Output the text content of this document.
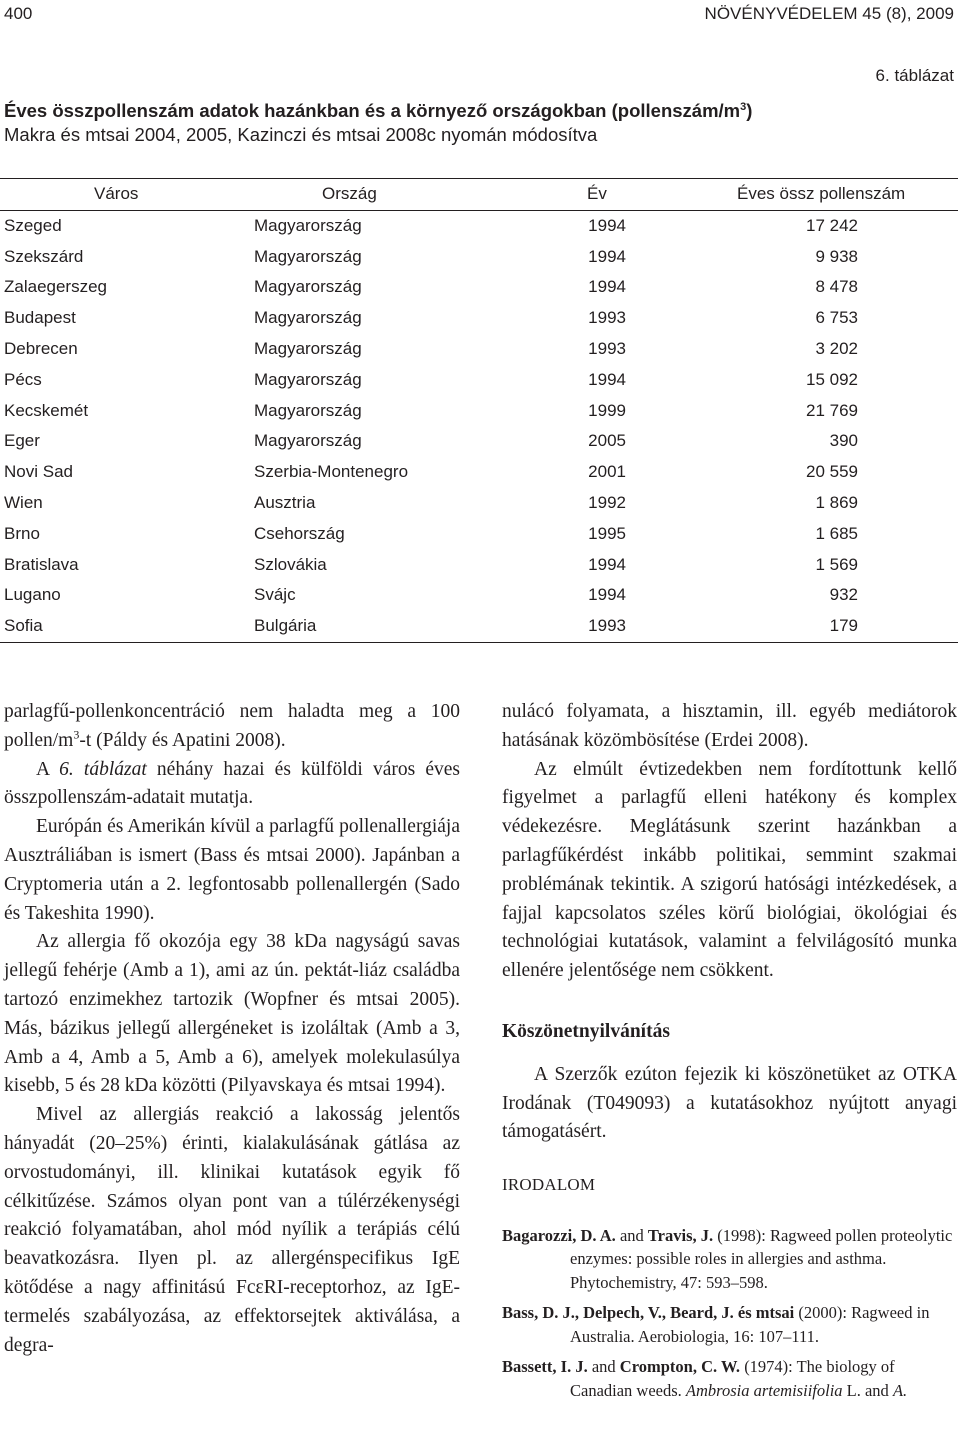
400	NÖVÉNYVÉDELEM 45 (8), 2009
6. táblázat
Éves összpollenszám adatok hazánkban és a környező országokban $(pollenszám/m^3)$
Makra és mtsai 2004, 2005, Kazinczi és mtsai 2008c nyomán módosítva
Város	Ország	Év	Éves össz pollenszám
Szeged	Magyarország	1994	17 242
Szekszárd	Magyarország	1994	9 938
Zalaegerszeg	Magyarország	1994	8 478
Budapest	Magyarország	1993	6 753
Debrecen	Magyarország	1993	3 202
Pécs	Magyarország	1994	15 092
Kecskemét	Magyarország	1999	21 769
Eger	Magyarország	2005	390
Novi Sad	Szerbia-Montenegro	2001	20 559
Wien	Ausztria	1992	1 869
Brno	Csehország	1995	1 685
Bratislava	Szlovákia	1994	1 569
Lugano	Svájc	1994	932
Sofia	Bulgária	1993	179

parlagfű-pollenkoncentráció nem haladta meg a 100 pollen/$m^3-t$ (Páldy és Apatini 2008).

A 6. táblázat néhány hazai és külföldi város éves összpollenszám-adatait mutatja.

Európán és Amerikán kívül a parlagfű pollenallergiája Ausztráliában is ismert (Bass és mtsai 2000). Japánban a Cryptomeria után a 2. legfontosabb pollenallergén (Sado és Takeshita 1990).

Az allergia fő okozója egy 38 kDa nagyságú savas jellegű fehérje (Amb a 1), ami az ún. pektát-liáz családba tartozó enzimekhez tartozik (Wopfner és mtsai 2005). Más, bázikus jellegű allergéneket is izoláltak (Amb a 3, Amb a 4, Amb a 5, Amb a 6), amelyek molekulasúlya kisebb, 5 és 28 kDa közötti (Pilyavskaya és mtsai 1994).

Mivel az allergiás reakció a lakosság jelentős hányadát (20–25%) érinti, kialakulásának gátlása az orvostudományi, ill. klinikai kutatások egyik fő célkitűzése. Számos olyan pont van a túlérzékenységi reakció folyamatában, ahol mód nyílik a terápiás célú beavatkozásra. Ilyen pl. az allergénspecifikus IgE kötődése a nagy affinitású FcεRI-receptorhoz, az IgE-termelés szabályozása, az effektorsejtek aktiválása, a degra-

nulácó folyamata, a hisztamin, ill. egyéb mediátorok hatásának közömbösítése (Erdei 2008).

Az elmúlt évtizedekben nem fordítottunk kellő figyelmet a parlagfű elleni hatékony és komplex védekezésre. Meglátásunk szerint hazánkban a parlagfűkérdést inkább politikai, semmint szakmai problémának tekintik. A szigorú hatósági intézkedések, a fajjal kapcsolatos széles körű biológiai, ökológiai és technológiai kutatások, valamint a felvilágosító munka ellenére jelentősége nem csökkent.

Köszönetnyilvánítás

A Szerzők ezúton fejezik ki köszönetüket az OTKA Irodának (T049093) a kutatásokhoz nyújtott anyagi támogatásért.

IRODALOM

Bagarozzi, D. A. and Travis, J. (1998): Ragweed pollen proteolytic enzymes: possible roles in allergies and asthma. Phytochemistry, 47: 593–598.

Bass, D. J., Delpech, V., Beard, J. és mtsai (2000): Ragweed in Australia. Aerobiologia, 16: 107–111.

Bassett, I. J. and Crompton, C. W. (1974): The biology of Canadian weeds. Ambrosia artemisiifolia L. and A.
